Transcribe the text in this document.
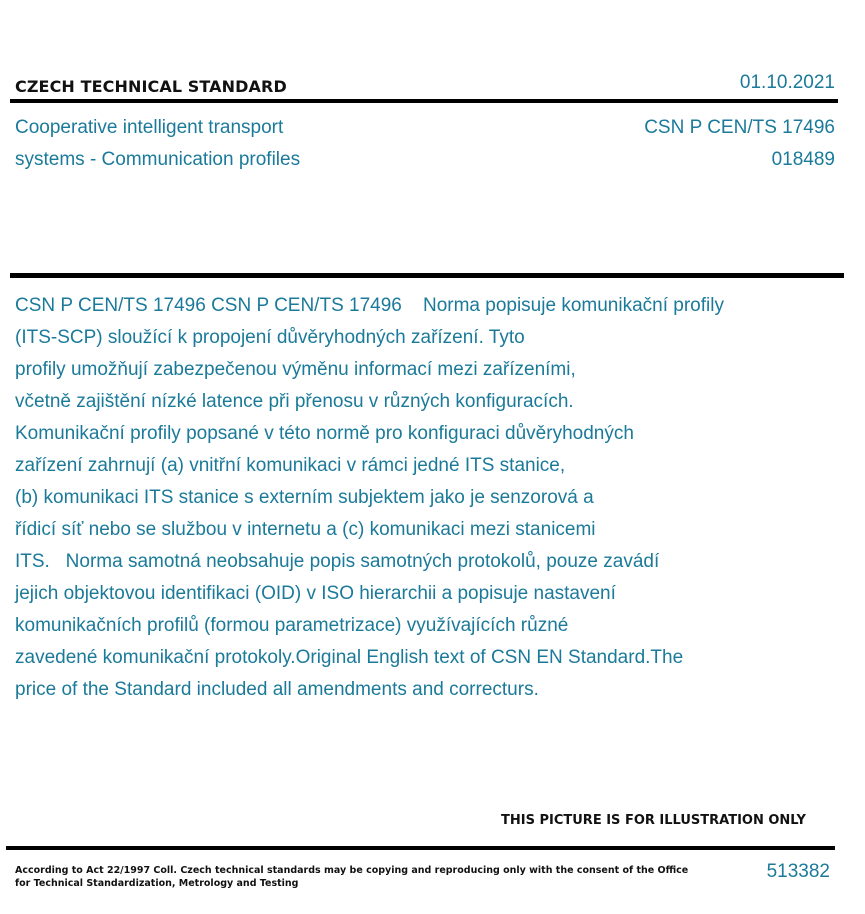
CZECH TECHNICAL STANDARD	01.10.2021
Cooperative intelligent transport
systems - Communication profiles
CSN P CEN/TS 17496
018489
CSN P CEN/TS 17496 CSN P CEN/TS 17496    Norma popisuje komunikační profily
(ITS-SCP) sloužící k propojení důvěryhodných zařízení. Tyto
profily umožňují zabezpečenou výměnu informací mezi zařízeními,
včetně zajištění nízké latence při přenosu v různých konfiguracích.
Komunikační profily popsané v této normě pro konfiguraci důvěryhodných
zařízení zahrnují (a) vnitřní komunikaci v rámci jedné ITS stanice,
(b) komunikaci ITS stanice s externím subjektem jako je senzorová a
řídicí síť nebo se službou v internetu a (c) komunikaci mezi stanicemi
ITS.   Norma samotná neobsahuje popis samotných protokolů, pouze zavádí
jejich objektovou identifikaci (OID) v ISO hierarchii a popisuje nastavení
komunikačních profilů (formou parametrizace) využívajících různé
zavedené komunikační protokoly.Original English text of CSN EN Standard.The
price of the Standard included all amendments and correcturs.
THIS PICTURE IS FOR ILLUSTRATION ONLY
According to Act 22/1997 Coll. Czech technical standards may be copying and reproducing only with the consent of the Office
for Technical Standardization, Metrology and Testing
513382
